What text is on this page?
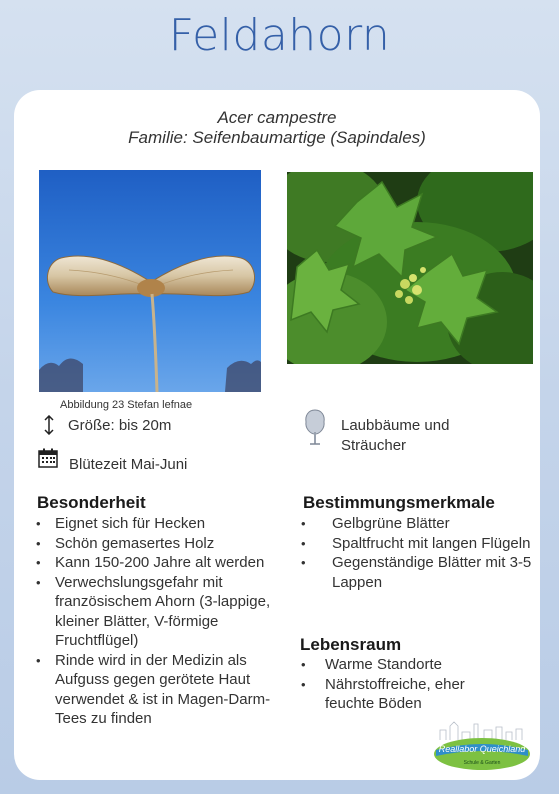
Feldahorn
Acer campestre
Familie: Seifenbaumartige (Sapindales)
Abbildung 23 Stefan lefnae
Größe: bis 20m
Blütezeit Mai-Juni
Laubbäume und
Sträucher
Besonderheit
• Eignet sich für Hecken
• Schön gemasertes Holz
• Kann 150-200 Jahre alt werden
• Verwechslungsgefahr mit französischem Ahorn (3-lappige, kleiner Blätter, V-förmige Fruchtflügel)
• Rinde wird in der Medizin als Aufguss gegen gerötete Haut verwendet & ist in Magen-Darm-Tees zu finden
Bestimmungsmerkmale
• Gelbgrüne Blätter
• Spaltfrucht mit langen Flügeln
• Gegenständige Blätter mit 3-5 Lappen
Lebensraum
• Warme Standorte
• Nährstoffreiche, eher feuchte Böden
Reallabor Queichland
Schule & Garten
